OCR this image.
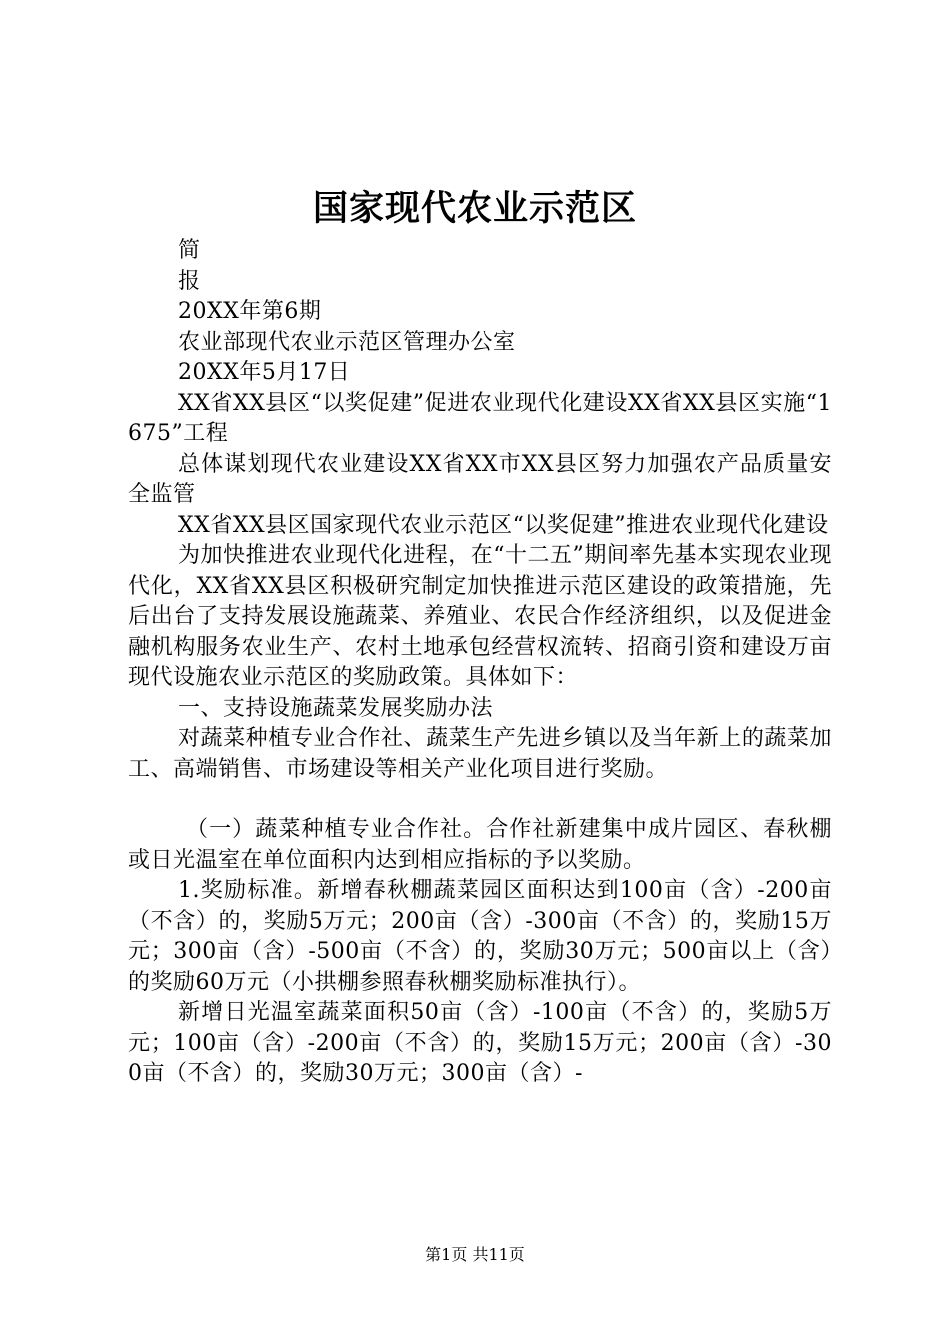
国家现代农业示范区

简

报

20XX年第6期

农业部现代农业示范区管理办公室

20XX年5月17日

XX省XX县区“以奖促建”促进农业现代化建设XX省XX县区实施“1675”工程

总体谋划现代农业建设XX省XX市XX县区努力加强农产品质量安全监管

XX省XX县区国家现代农业示范区“以奖促建”推进农业现代化建设

为加快推进农业现代化进程，在“十二五”期间率先基本实现农业现代化，XX省XX县区积极研究制定加快推进示范区建设的政策措施，先后出台了支持发展设施蔬菜、养殖业、农民合作经济组织，以及促进金融机构服务农业生产、农村土地承包经营权流转、招商引资和建设万亩现代设施农业示范区的奖励政策。具体如下：

一、支持设施蔬菜发展奖励办法

对蔬菜种植专业合作社、蔬菜生产先进乡镇以及当年新上的蔬菜加工、高端销售、市场建设等相关产业化项目进行奖励。

（一）蔬菜种植专业合作社。合作社新建集中成片园区、春秋棚或日光温室在单位面积内达到相应指标的予以奖励。

1.奖励标准。新增春秋棚蔬菜园区面积达到100亩（含）-200亩（不含）的，奖励5万元；200亩（含）-300亩（不含）的，奖励15万元；300亩（含）-500亩（不含）的，奖励30万元；500亩以上（含）的奖励60万元（小拱棚参照春秋棚奖励标准执行）。

新增日光温室蔬菜面积50亩（含）-100亩（不含）的，奖励5万元；100亩（含）-200亩（不含）的，奖励15万元；200亩（含）-300亩（不含）的，奖励30万元；300亩（含）-

第1页 共11页
